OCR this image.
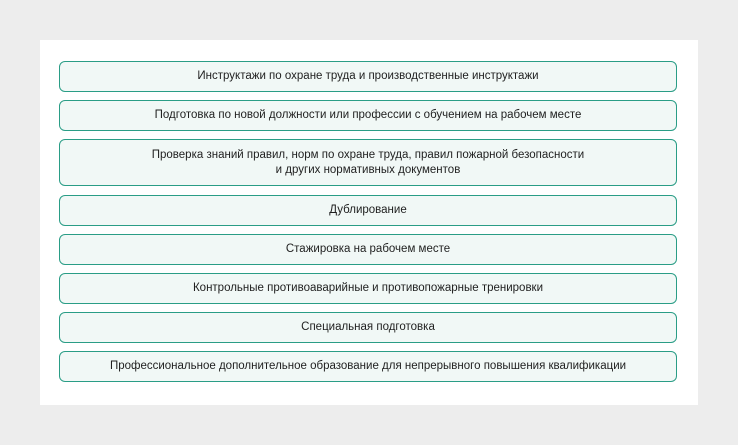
Инструктажи по охране труда и производственные инструктажи
Подготовка по новой должности или профессии с обучением на рабочем месте
Проверка знаний правил, норм по охране труда, правил пожарной безопасности
и других нормативных документов
Дублирование
Стажировка на рабочем месте
Контрольные противоаварийные и противопожарные тренировки
Специальная подготовка
Профессиональное дополнительное образование для непрерывного повышения квалификации
